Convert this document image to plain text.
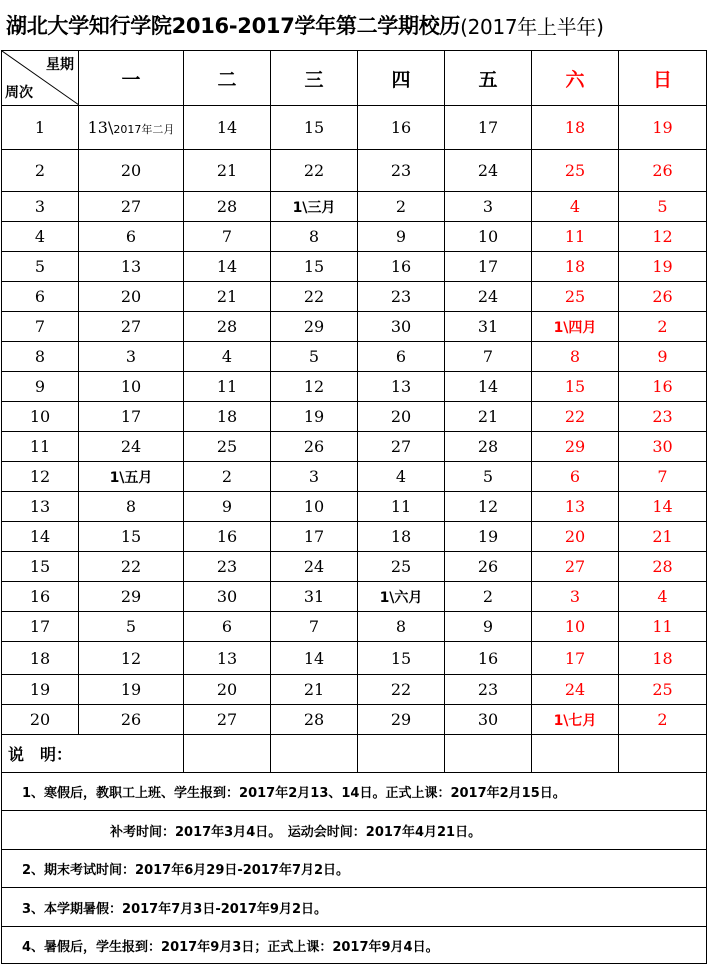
湖北大学知行学院2016-2017学年第二学期校历 (2017年上半年)
星期
周次	一	二	三	四	五	六	日
1	13\2017年二月	14	15	16	17	18	19
2	20	21	22	23	24	25	26
3	27	28	1\三月	2	3	4	5
4	6	7	8	9	10	11	12
5	13	14	15	16	17	18	19
6	20	21	22	23	24	25	26
7	27	28	29	30	31	1\四月	2
8	3	4	5	6	7	8	9
9	10	11	12	13	14	15	16
10	17	18	19	20	21	22	23
11	24	25	26	27	28	29	30
12	1\五月	2	3	4	5	6	7
13	8	9	10	11	12	13	14
14	15	16	17	18	19	20	21
15	22	23	24	25	26	27	28
16	29	30	31	1\六月	2	3	4
17	5	6	7	8	9	10	11
18	12	13	14	15	16	17	18
19	19	20	21	22	23	24	25
20	26	27	28	29	30	1\七月	2
说　明：							
1、寒假后，教职工上班、学生报到：2017年2月13、14日。正式上课：2017年2月15日。							
补考时间：2017年3月4日。　运动会时间：2017年4月21日。							
2、期末考试时间：2017年6月29日-2017年7月2日。							
3、本学期暑假：2017年7月3日-2017年9月2日。							
4、暑假后，学生报到：2017年9月3日；正式上课：2017年9月4日。							
